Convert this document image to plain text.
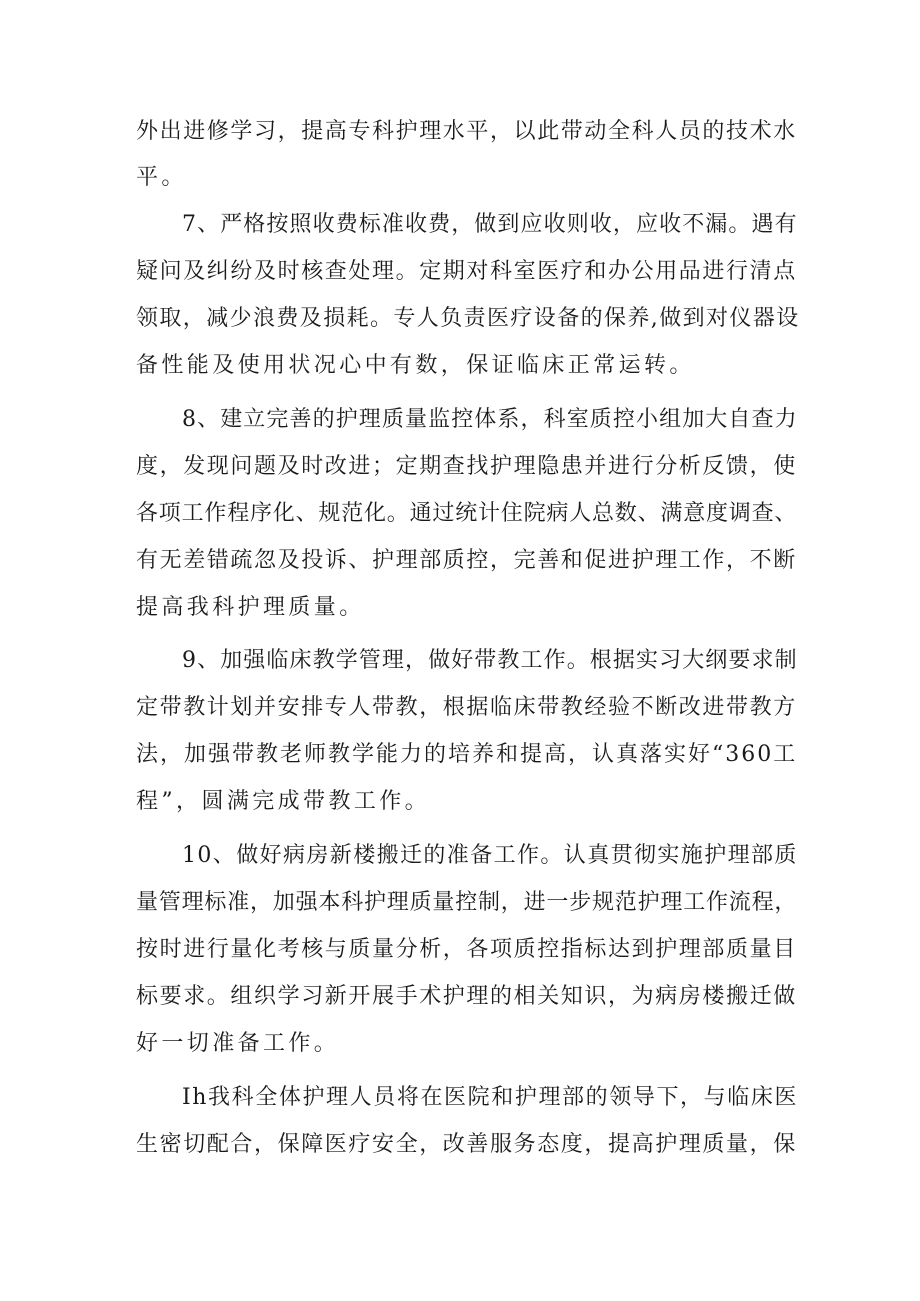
外出进修学习，提高专科护理水平，以此带动全科人员的技术水

平。

7、严格按照收费标准收费，做到应收则收，应收不漏。遇有

疑问及纠纷及时核查处理。定期对科室医疗和办公用品进行清点

领取，减少浪费及损耗。专人负责医疗设备的保养,做到对仪器设

备性能及使用状况心中有数，保证临床正常运转。

8、建立完善的护理质量监控体系，科室质控小组加大自查力

度，发现问题及时改进；定期查找护理隐患并进行分析反馈，使

各项工作程序化、规范化。通过统计住院病人总数、满意度调查、

有无差错疏忽及投诉、护理部质控，完善和促进护理工作，不断

提高我科护理质量。

9、加强临床教学管理，做好带教工作。根据实习大纲要求制

定带教计划并安排专人带教，根据临床带教经验不断改进带教方

法，加强带教老师教学能力的培养和提高，认真落实好“360工

程”，圆满完成带教工作。

10、做好病房新楼搬迁的准备工作。认真贯彻实施护理部质

量管理标准，加强本科护理质量控制，进一步规范护理工作流程，

按时进行量化考核与质量分析，各项质控指标达到护理部质量目

标要求。组织学习新开展手术护理的相关知识，为病房楼搬迁做

好一切准备工作。

Ih我科全体护理人员将在医院和护理部的领导下，与临床医

生密切配合，保障医疗安全，改善服务态度，提高护理质量，保
